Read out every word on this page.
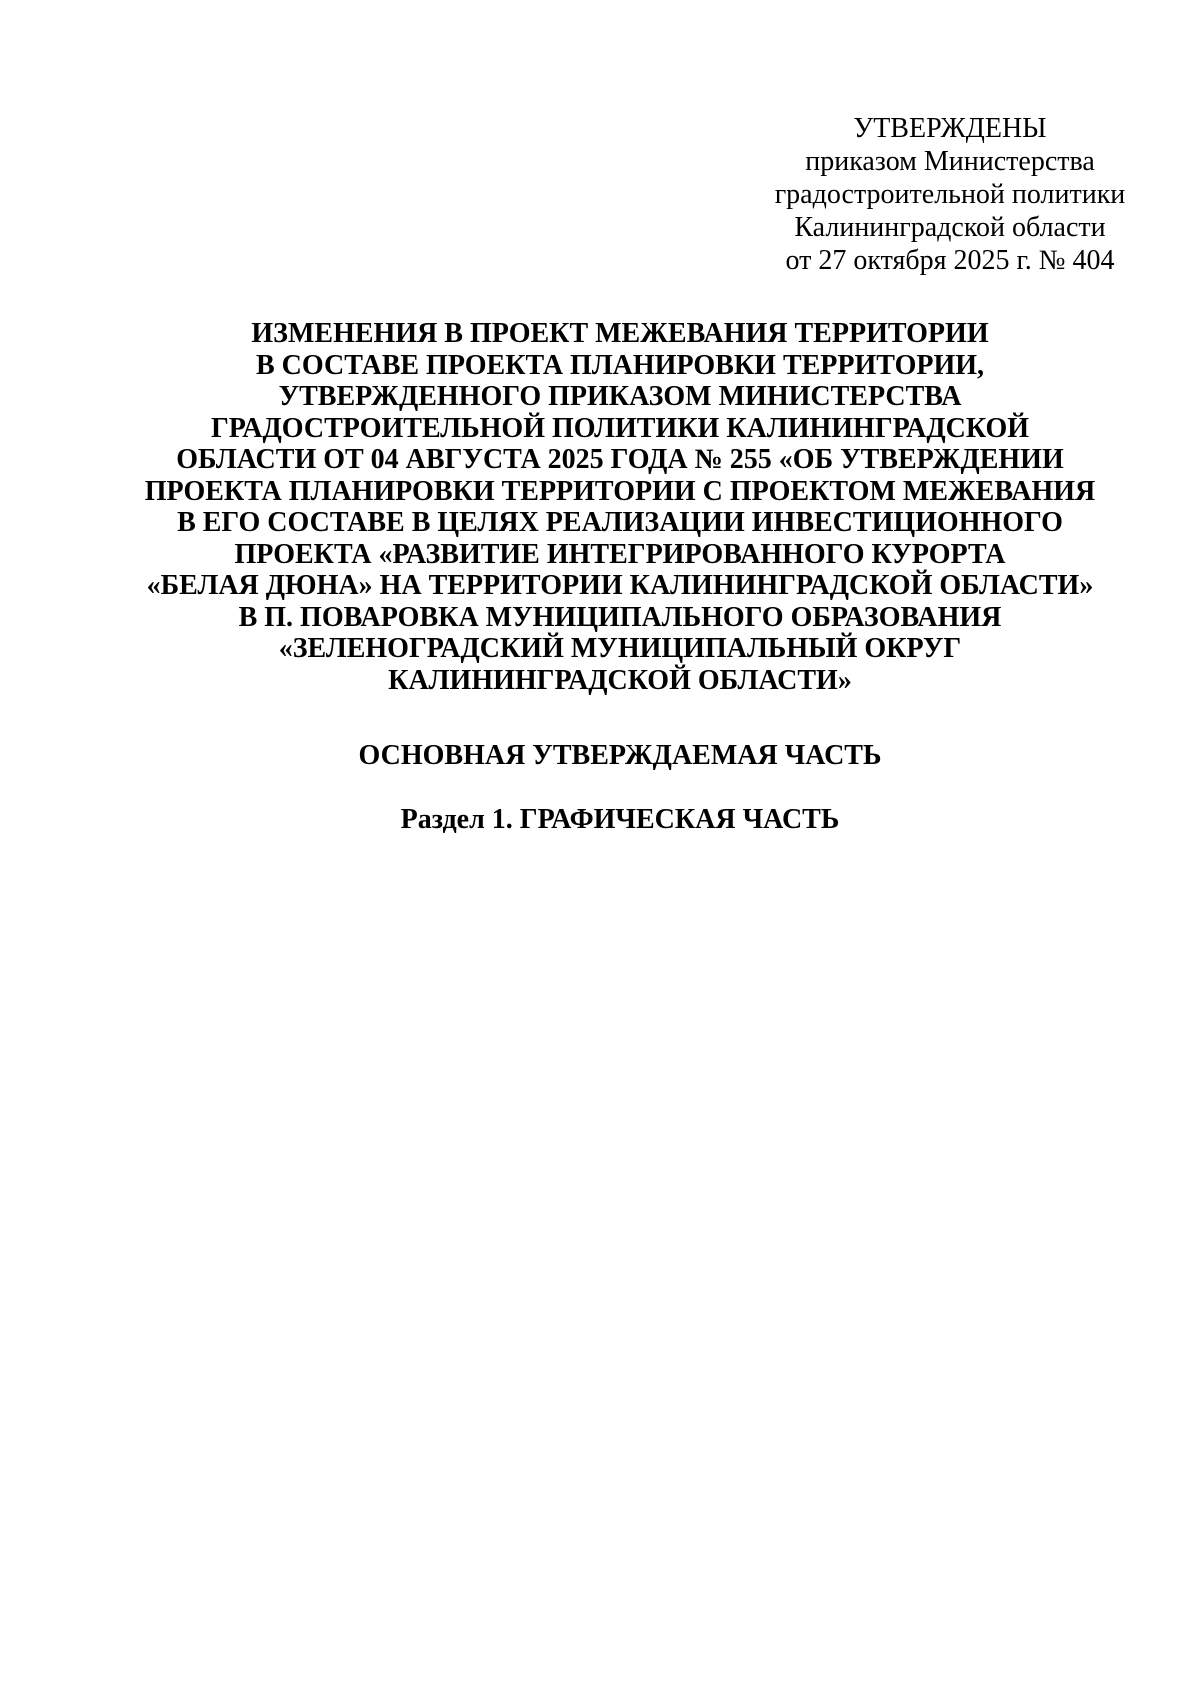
УТВЕРЖДЕНЫ
приказом Министерства
градостроительной политики
Калининградской области
от 27 октября 2025 г. № 404
ИЗМЕНЕНИЯ В ПРОЕКТ МЕЖЕВАНИЯ ТЕРРИТОРИИ
В СОСТАВЕ ПРОЕКТА ПЛАНИРОВКИ ТЕРРИТОРИИ,
УТВЕРЖДЕННОГО ПРИКАЗОМ МИНИСТЕРСТВА
ГРАДОСТРОИТЕЛЬНОЙ ПОЛИТИКИ КАЛИНИНГРАДСКОЙ
ОБЛАСТИ ОТ 04 АВГУСТА 2025 ГОДА № 255 «ОБ УТВЕРЖДЕНИИ
ПРОЕКТА ПЛАНИРОВКИ ТЕРРИТОРИИ С ПРОЕКТОМ МЕЖЕВАНИЯ
В ЕГО СОСТАВЕ В ЦЕЛЯХ РЕАЛИЗАЦИИ ИНВЕСТИЦИОННОГО
ПРОЕКТА «РАЗВИТИЕ ИНТЕГРИРОВАННОГО КУРОРТА
«БЕЛАЯ ДЮНА» НА ТЕРРИТОРИИ КАЛИНИНГРАДСКОЙ ОБЛАСТИ»
В П. ПОВАРОВКА МУНИЦИПАЛЬНОГО ОБРАЗОВАНИЯ
«ЗЕЛЕНОГРАДСКИЙ МУНИЦИПАЛЬНЫЙ ОКРУГ
КАЛИНИНГРАДСКОЙ ОБЛАСТИ»
ОСНОВНАЯ УТВЕРЖДАЕМАЯ ЧАСТЬ
Раздел 1. ГРАФИЧЕСКАЯ ЧАСТЬ
